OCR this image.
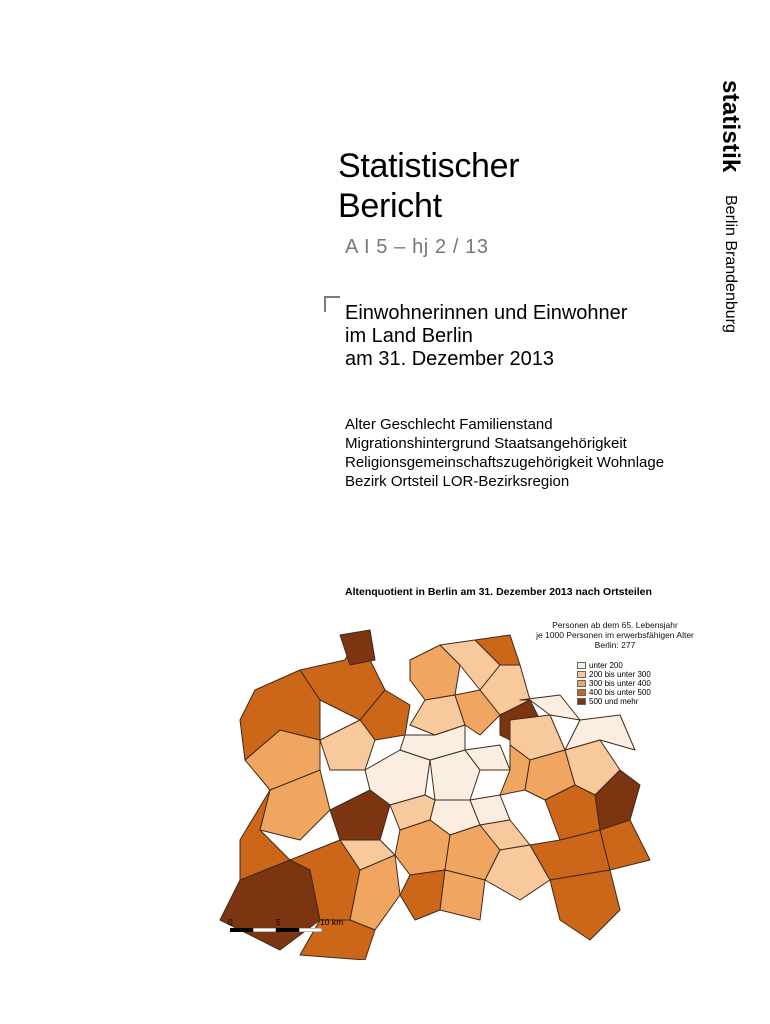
statistik Berlin Brandenburg
Statistischer
Bericht
A I 5 – hj 2 / 13
Einwohnerinnen und Einwohner
im Land Berlin
am 31. Dezember 2013
Alter Geschlecht Familienstand
Migrationshintergrund Staatsangehörigkeit
Religionsgemeinschaftszugehörigkeit Wohnlage
Bezirk Ortsteil LOR-Bezirksregion
Altenquotient in Berlin am 31. Dezember 2013 nach Ortsteilen
Personen ab dem 65. Lebensjahr
je 1000 Personen im erwerbsfähigen Alter
Berlin: 277
unter 200
200 bis unter 300
300 bis unter 400
400 bis unter 500
500 und mehr
0	5	10 km
